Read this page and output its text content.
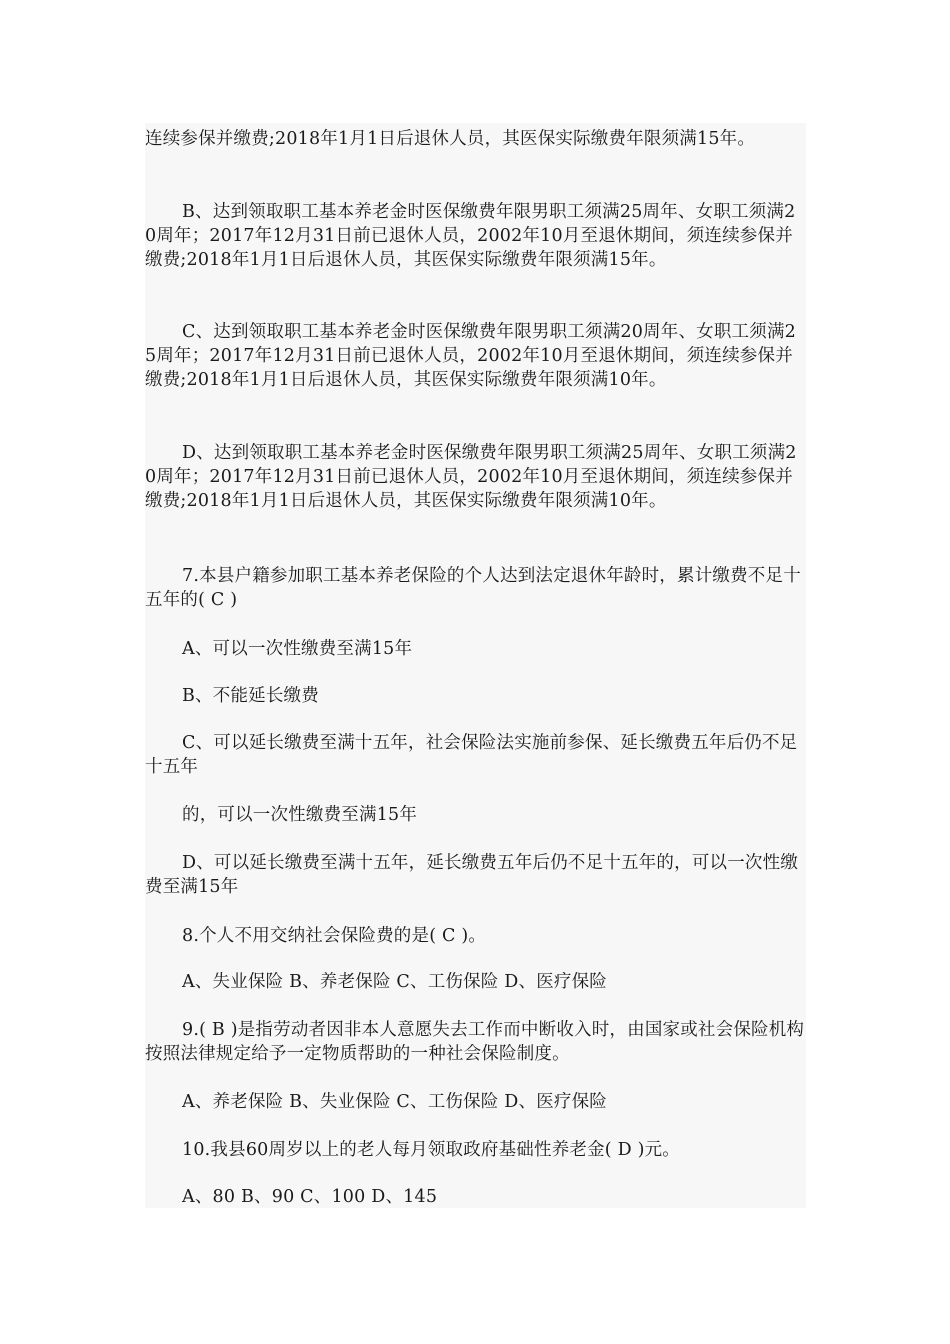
连续参保并缴费;2018年1月1日后退休人员，其医保实际缴费年限须满15年。

B、达到领取职工基本养老金时医保缴费年限男职工须满25周年、女职工须满20周年；2017年12月31日前已退休人员，2002年10月至退休期间，须连续参保并缴费;2018年1月1日后退休人员，其医保实际缴费年限须满15年。

C、达到领取职工基本养老金时医保缴费年限男职工须满20周年、女职工须满25周年；2017年12月31日前已退休人员，2002年10月至退休期间，须连续参保并缴费;2018年1月1日后退休人员，其医保实际缴费年限须满10年。

D、达到领取职工基本养老金时医保缴费年限男职工须满25周年、女职工须满20周年；2017年12月31日前已退休人员，2002年10月至退休期间，须连续参保并缴费;2018年1月1日后退休人员，其医保实际缴费年限须满10年。

7.本县户籍参加职工基本养老保险的个人达到法定退休年龄时，累计缴费不足十五年的( C )

A、可以一次性缴费至满15年

B、不能延长缴费

C、可以延长缴费至满十五年，社会保险法实施前参保、延长缴费五年后仍不足十五年

的，可以一次性缴费至满15年

D、可以延长缴费至满十五年，延长缴费五年后仍不足十五年的，可以一次性缴费至满15年

8.个人不用交纳社会保险费的是( C )。

A、失业保险 B、养老保险 C、工伤保险 D、医疗保险

9.( B )是指劳动者因非本人意愿失去工作而中断收入时，由国家或社会保险机构按照法律规定给予一定物质帮助的一种社会保险制度。

A、养老保险 B、失业保险 C、工伤保险 D、医疗保险

10.我县60周岁以上的老人每月领取政府基础性养老金( D )元。

A、80 B、90 C、100 D、145
